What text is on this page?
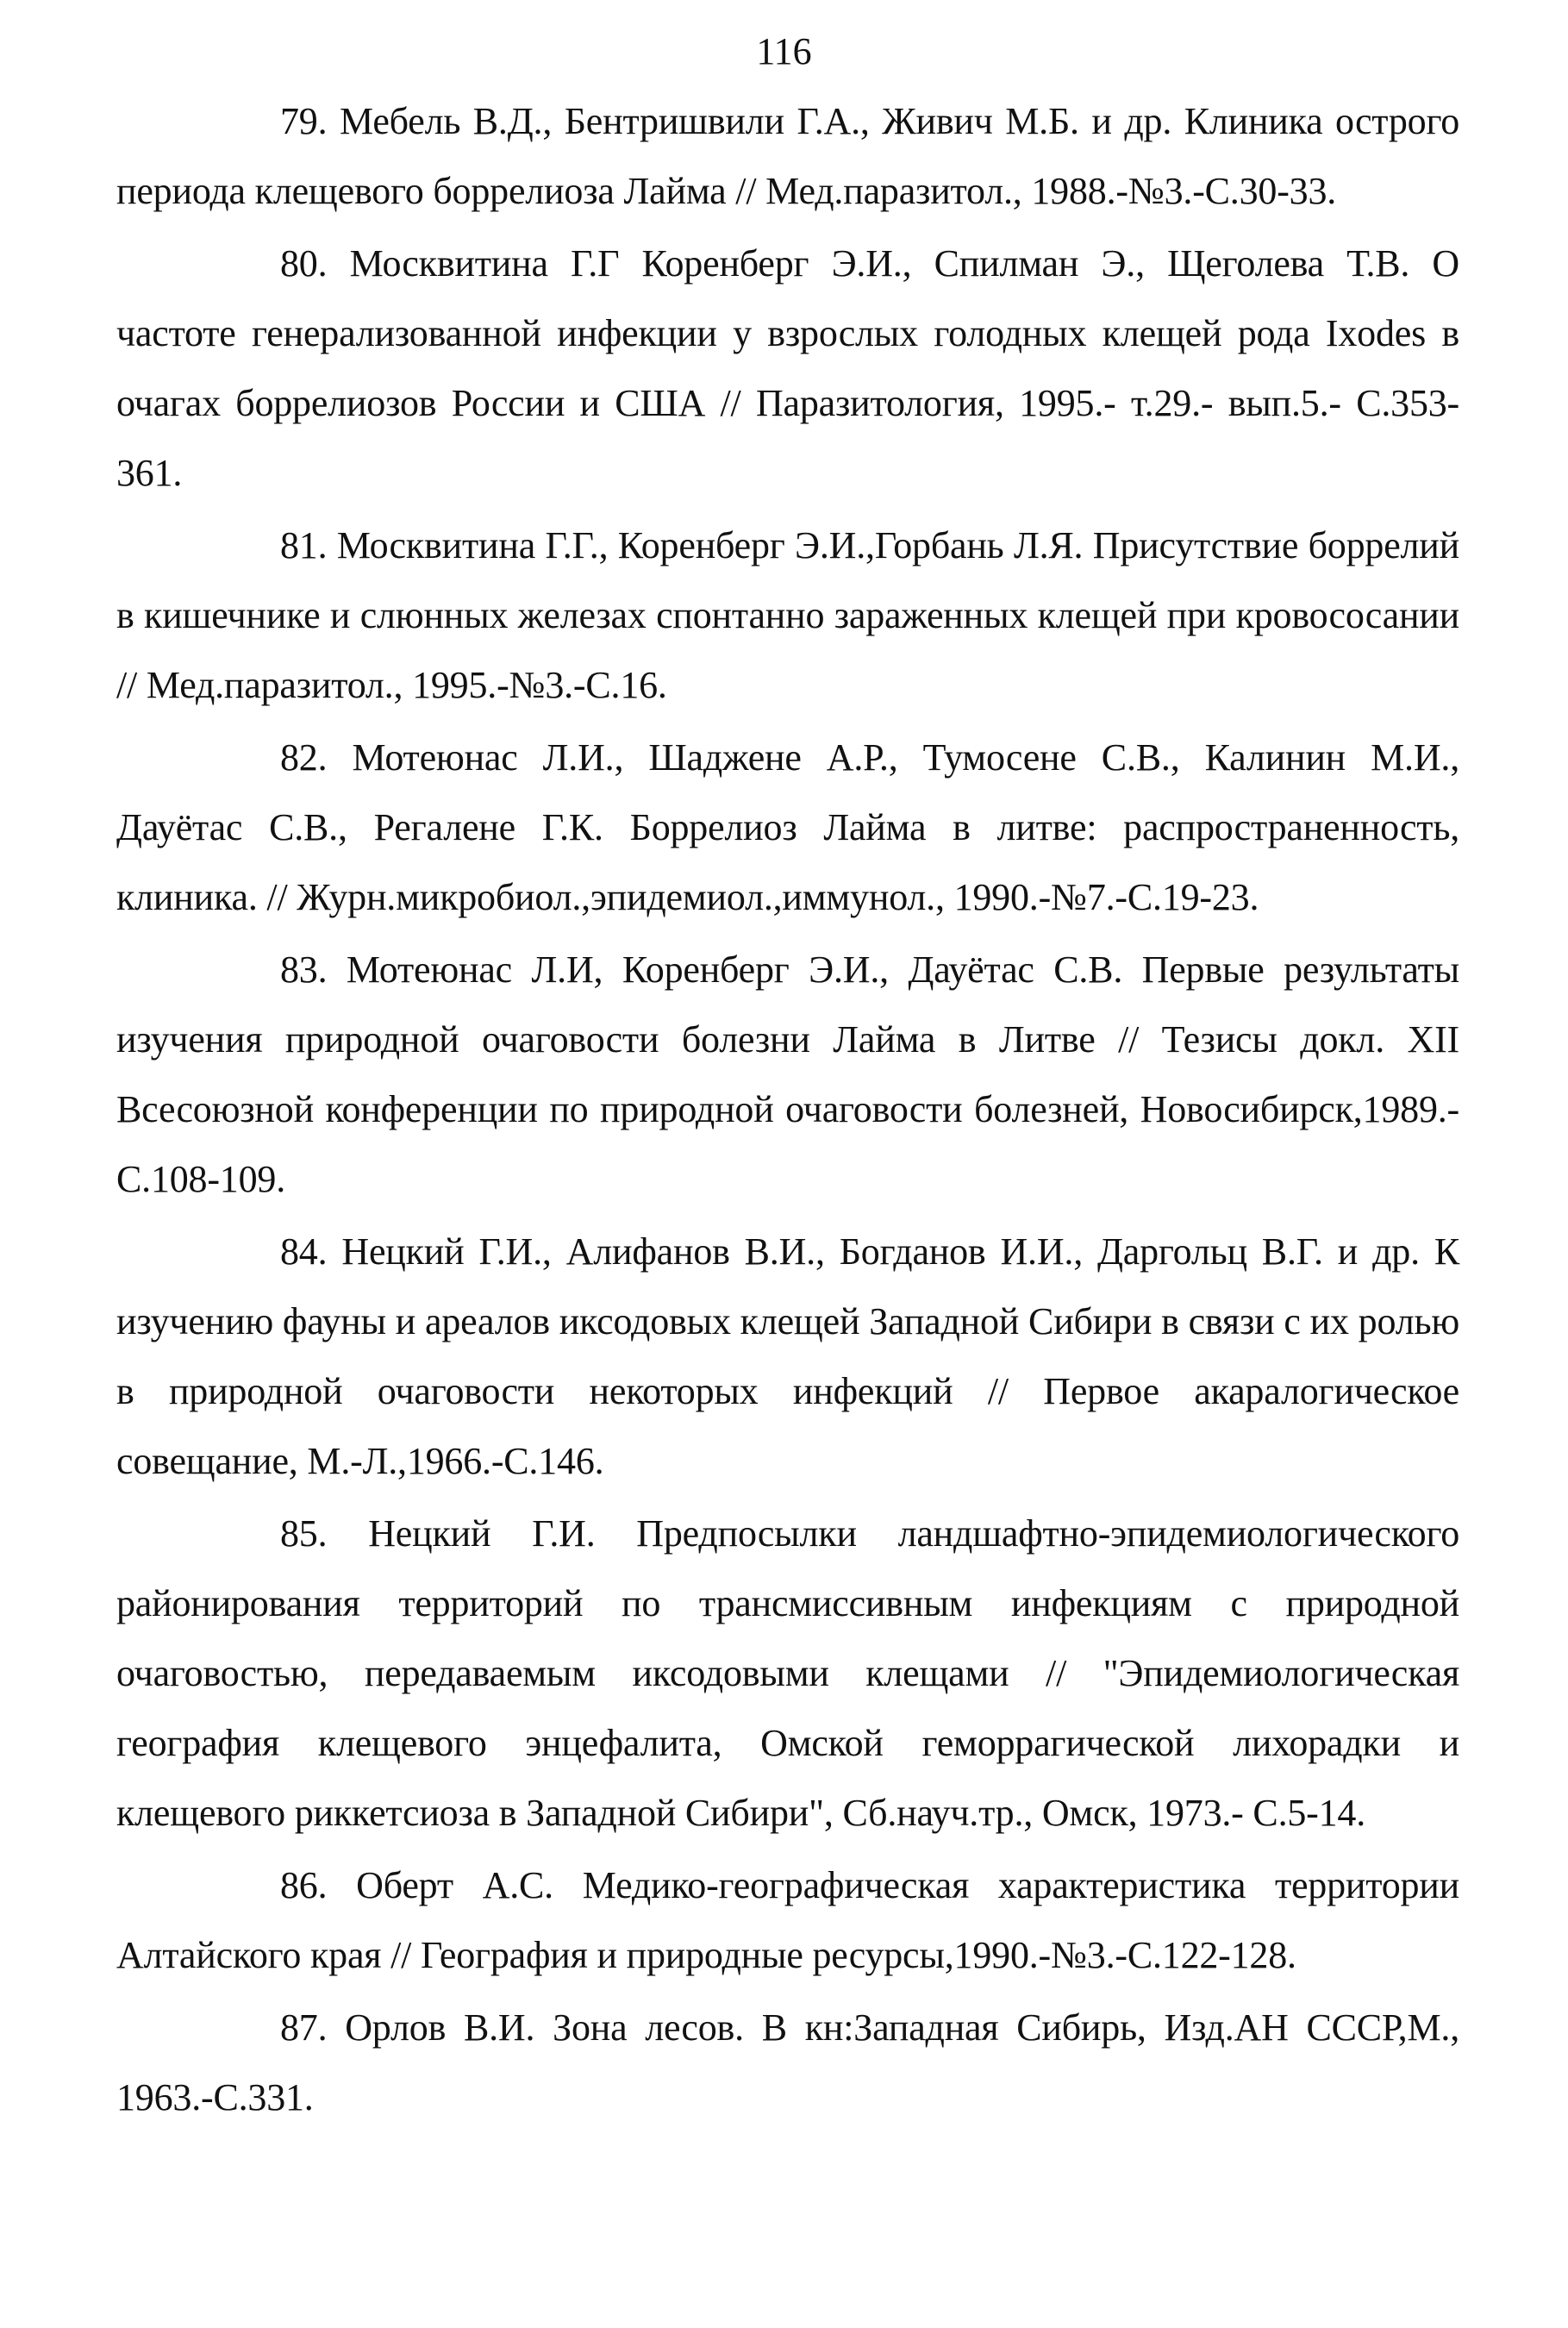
116

79. Мебель В.Д., Бентришвили Г.А., Живич М.Б. и др. Клиника острого периода клещевого боррелиоза Лайма // Мед.паразитол., 1988.-№3.-С.30-33.

80. Москвитина Г.Г Коренберг Э.И., Спилман Э., Щеголева Т.В. О частоте генерализованной инфекции у взрослых голодных клещей рода Ixodes в очагах боррелиозов России и США // Паразитология, 1995.- т.29.- вып.5.- С.353-361.

81. Москвитина Г.Г., Коренберг Э.И.,Горбань Л.Я. Присутствие боррелий в кишечнике и слюнных железах спонтанно зараженных клещей при кровососании // Мед.паразитол., 1995.-№3.-С.16.

82. Мотеюнас Л.И., Шадженe А.Р., Тумосене С.В., Калинин М.И., Дауётас С.В., Регалене Г.К. Боррелиоз Лайма в литве: распространенность, клиника. // Журн.микробиол.,эпидемиол.,иммунол., 1990.-№7.-С.19-23.

83. Мотеюнас Л.И, Коренберг Э.И., Дауётас С.В. Первые результаты изучения природной очаговости болезни Лайма в Литве // Тезисы докл. XII Всесоюзной конференции по природной очаговости болезней, Новосибирск,1989.-С.108-109.

84. Нецкий Г.И., Алифанов В.И., Богданов И.И., Даргольц В.Г. и др. К изучению фауны и ареалов иксодовых клещей Западной Сибири в связи с их ролью в природной очаговости некоторых инфекций // Первое акаралогическое совещание, М.-Л.,1966.-С.146.

85. Нецкий Г.И. Предпосылки ландшафтно-эпидемиологического районирования территорий по трансмиссивным инфекциям с природной очаговостью, передаваемым иксодовыми клещами // "Эпидемиологическая география клещевого энцефалита, Омской геморрагической лихорадки и клещевого риккетсиоза в Западной Сибири", Сб.науч.тр., Омск, 1973.- С.5-14.

86. Оберт А.С. Медико-географическая характеристика территории Алтайского края // География и природные ресурсы,1990.-№3.-С.122-128.

87. Орлов В.И. Зона лесов. В кн:Западная Сибирь, Изд.АН СССР,М., 1963.-С.331.
